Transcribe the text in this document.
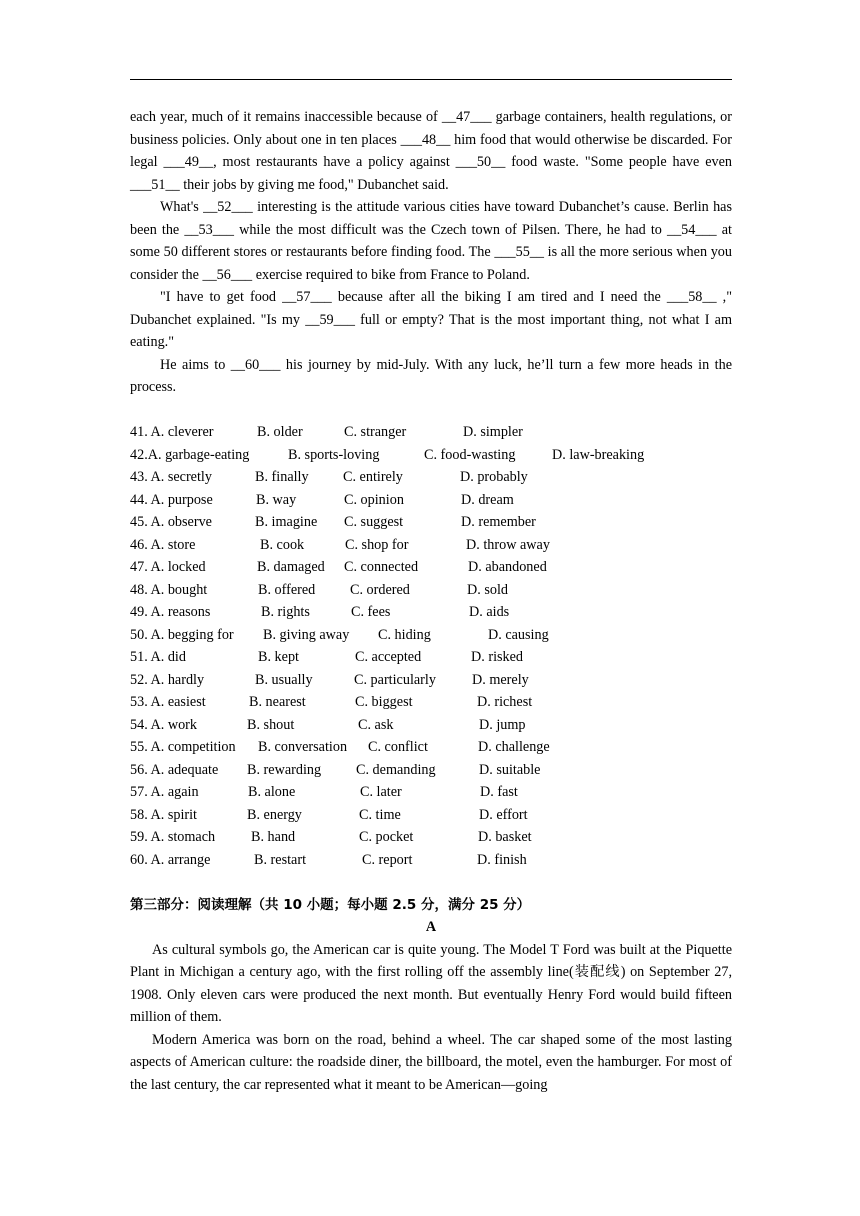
each year, much of it remains inaccessible because of __47___ garbage containers, health regulations, or business policies. Only about one in ten places ___48__ him food that would otherwise be discarded. For legal ___49__, most restaurants have a policy against ___50__ food waste. "Some people have even ___51__ their jobs by giving me food," Dubanchet said.

What's __52___ interesting is the attitude various cities have toward Dubanchet’s cause. Berlin has been the __53___ while the most difficult was the Czech town of Pilsen. There, he had to __54___ at some 50 different stores or restaurants before finding food. The ___55__ is all the more serious when you consider the __56___ exercise required to bike from France to Poland.

"I have to get food __57___ because after all the biking I am tired and I need the ___58__ ," Dubanchet explained. "Is my __59___ full or empty? That is the most important thing, not what I am eating."

He aims to __60___ his journey by mid-July. With any luck, he’ll turn a few more heads in the process.

41. A. cleverer	B. older	C. stranger	D. simpler
42.A. garbage-eating	B. sports-loving	C. food-wasting	D. law-breaking
43. A. secretly	B. finally C. entirely	D. probably
44. A. purpose	B. way	C. opinion	D. dream
45. A. observe	B. imagine C. suggest	D. remember
46. A. store	B. cook	C. shop for	D. throw away
47. A. locked	B. damaged C. connected	D. abandoned
48. A. bought	B. offered C. ordered	D. sold
49. A. reasons	B. rights	C. fees	D. aids
50. A. begging for B. giving away C. hiding	D. causing
51. A. did	B. kept	C. accepted	D. risked
52. A. hardly	B. usually	C. particularly	D. merely
53. A. easiest	B. nearest	C. biggest	D. richest
54. A. work	B. shout	C. ask	D. jump
55. A. competition B. conversation C. conflict	D. challenge
56. A. adequate B. rewarding C. demanding	D. suitable
57. A. again	B. alone	C. later	D. fast
58. A. spirit	B. energy	C. time	D. effort
59. A. stomach	B. hand	C. pocket	D. basket
60. A. arrange	B. restart	C. report	D. finish

第三部分：阅读理解（共 10 小题；每小题 2.5 分，满分 25 分）

A

As cultural symbols go, the American car is quite young. The Model T Ford was built at the Piquette Plant in Michigan a century ago, with the first rolling off the assembly line(装配线) on September 27, 1908. Only eleven cars were produced the next month. But eventually Henry Ford would build fifteen million of them.

Modern America was born on the road, behind a wheel. The car shaped some of the most lasting aspects of American culture: the roadside diner, the billboard, the motel, even the hamburger. For most of the last century, the car represented what it meant to be American—going
